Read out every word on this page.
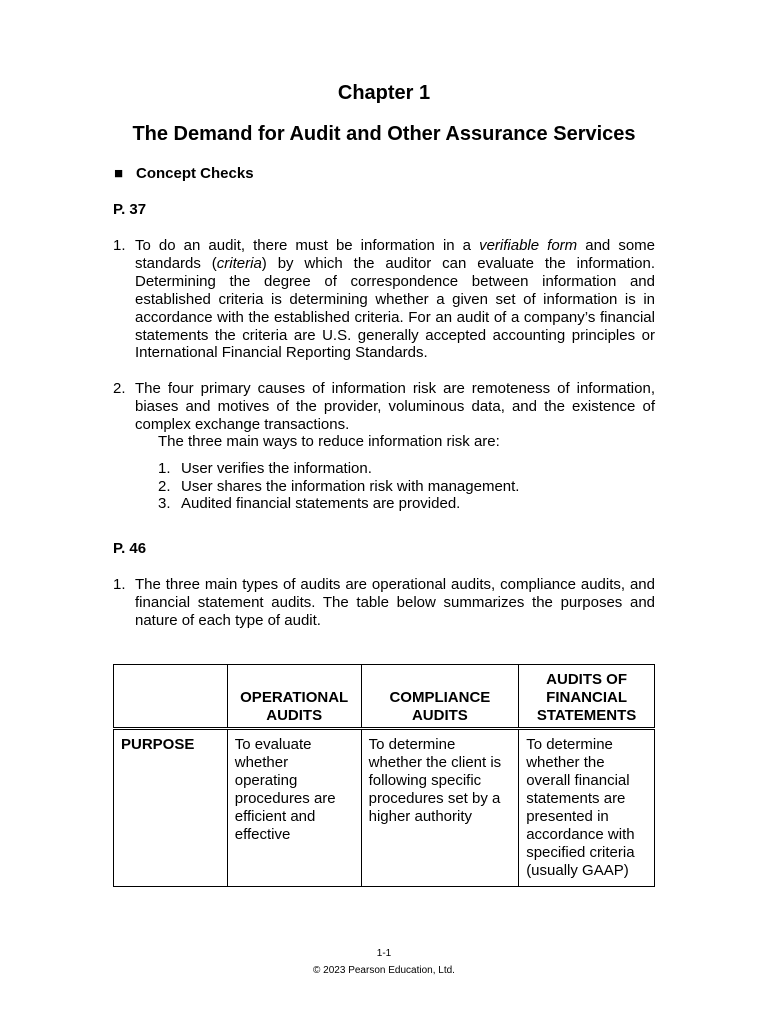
Chapter 1
The Demand for Audit and Other Assurance Services
■ Concept Checks
P. 37
1. To do an audit, there must be information in a verifiable form and some standards (criteria) by which the auditor can evaluate the information. Determining the degree of correspondence between information and established criteria is determining whether a given set of information is in accordance with the established criteria. For an audit of a company’s financial statements the criteria are U.S. generally accepted accounting principles or International Financial Reporting Standards.
2. The four primary causes of information risk are remoteness of information, biases and motives of the provider, voluminous data, and the existence of complex exchange transactions.
The three main ways to reduce information risk are:
1. User verifies the information.
2. User shares the information risk with management.
3. Audited financial statements are provided.
P. 46
1. The three main types of audits are operational audits, compliance audits, and financial statement audits. The table below summarizes the purposes and nature of each type of audit.
	OPERATIONAL AUDITS	COMPLIANCE AUDITS	AUDITS OF FINANCIAL STATEMENTS
PURPOSE	To evaluate whether operating procedures are efficient and effective	To determine whether the client is following specific procedures set by a higher authority	To determine whether the overall financial statements are presented in accordance with specified criteria (usually GAAP)
1-1
© 2023 Pearson Education, Ltd.
